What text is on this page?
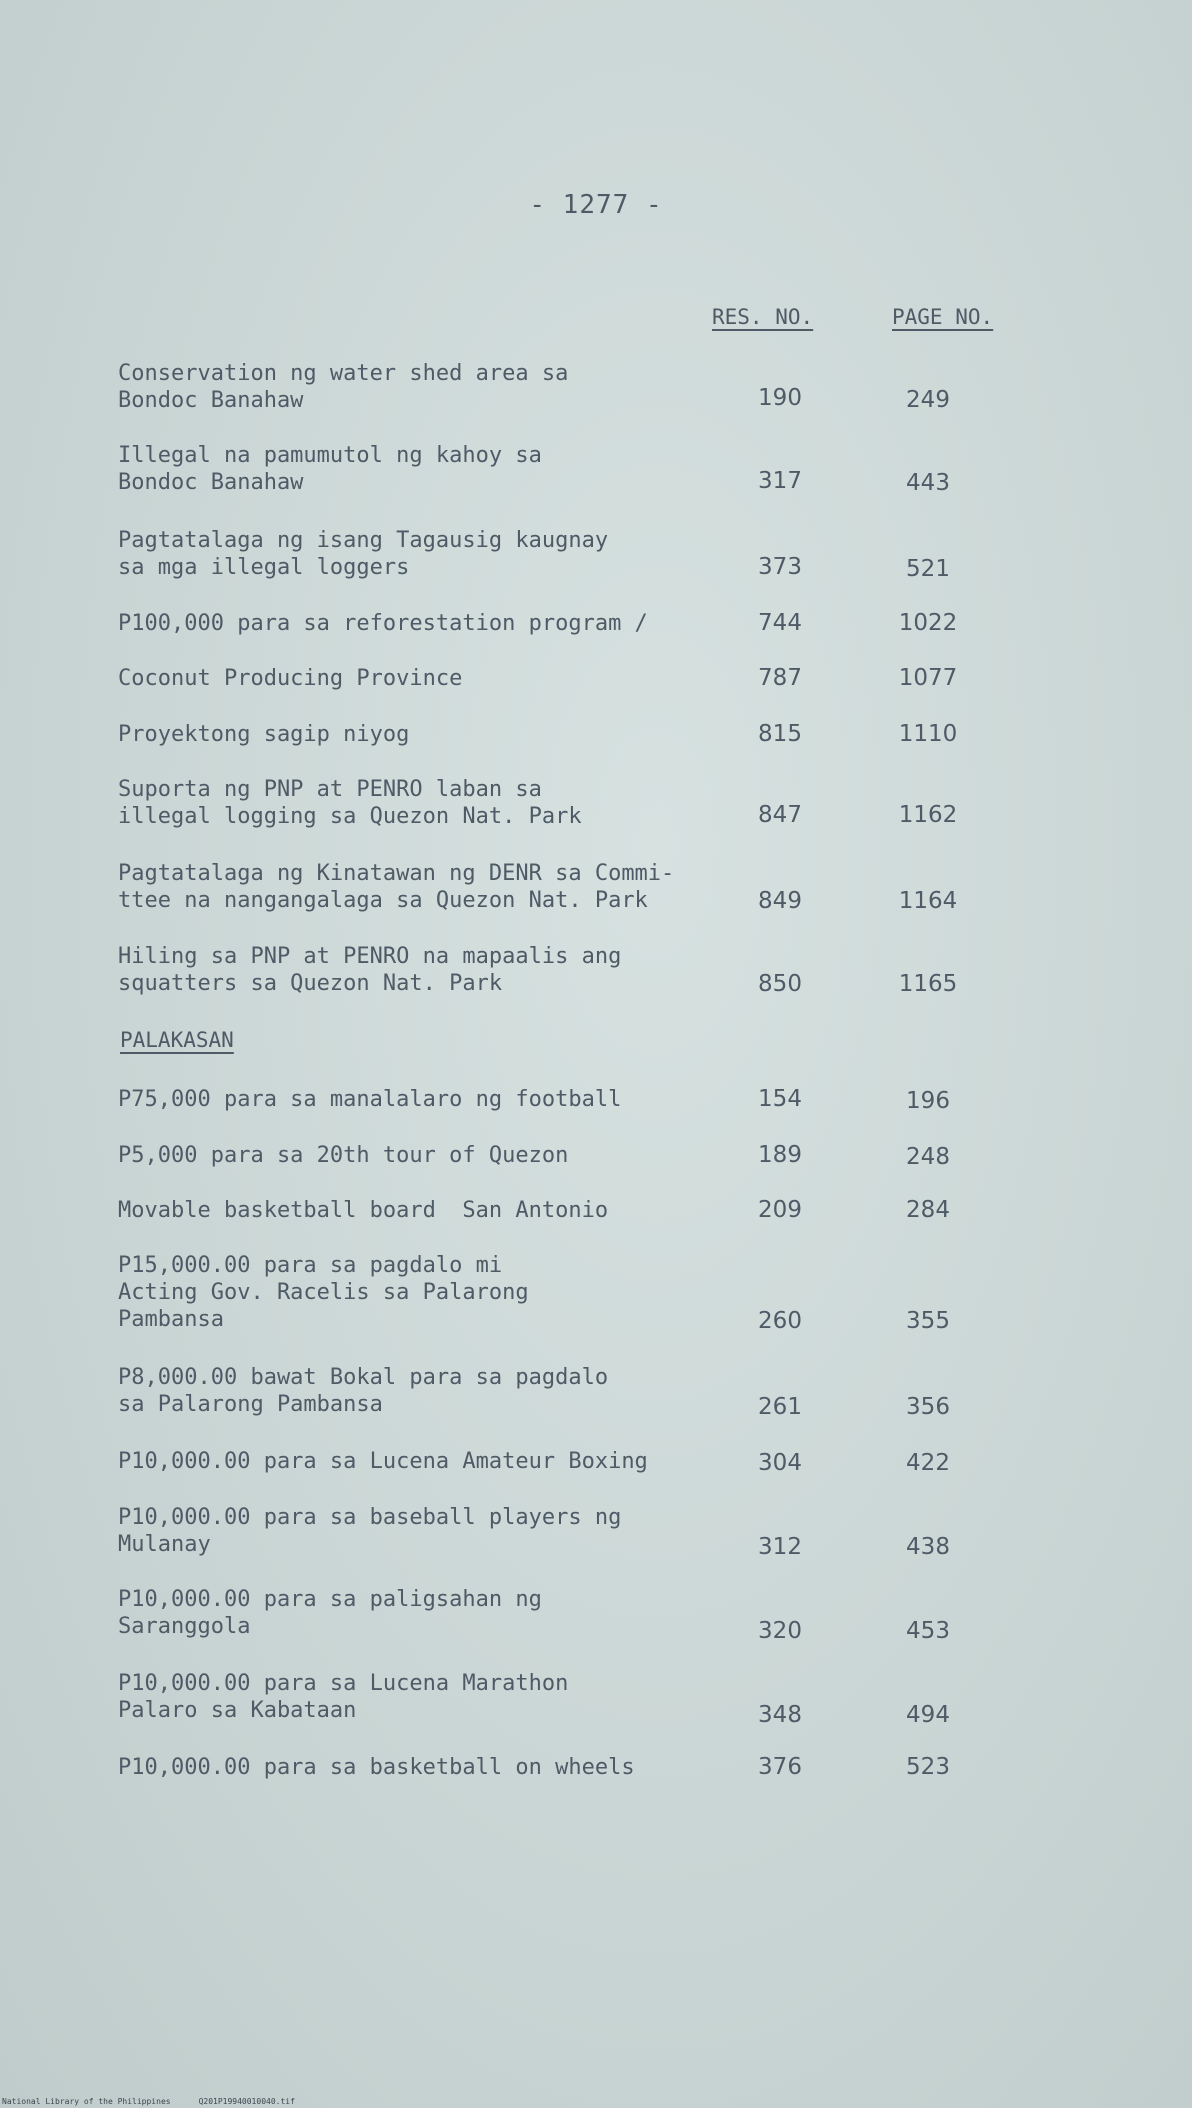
- 1277 -
RES. NO.	PAGE NO.
Conservation ng water shed area sa
Bondoc Banahaw	190	249
Illegal na pamumutol ng kahoy sa
Bondoc Banahaw	317	443
Pagtatalaga ng isang Tagausig kaugnay
sa mga illegal loggers	373	521
P100,000 para sa reforestation program /	744	1022
Coconut Producing Province	787	1077
Proyektong sagip niyog	815	1110
Suporta ng PNP at PENRO laban sa
illegal logging sa Quezon Nat. Park	847	1162
Pagtatalaga ng Kinatawan ng DENR sa Commi-
ttee na nangangalaga sa Quezon Nat. Park	849	1164
Hiling sa PNP at PENRO na mapaalis ang
squatters sa Quezon Nat. Park	850	1165
PALAKASAN
P75,000 para sa manalalaro ng football	154	196
P5,000 para sa 20th tour of Quezon	189	248
Movable basketball board  San Antonio	209	284
P15,000.00 para sa pagdalo mi
Acting Gov. Racelis sa Palarong
Pambansa	260	355
P8,000.00 bawat Bokal para sa pagdalo
sa Palarong Pambansa	261	356
P10,000.00 para sa Lucena Amateur Boxing	304	422
P10,000.00 para sa baseball players ng
Mulanay	312	438
P10,000.00 para sa paligsahan ng
Saranggola	320	453
P10,000.00 para sa Lucena Marathon
Palaro sa Kabataan	348	494
P10,000.00 para sa basketball on wheels	376	523
National Library of the Philippines	Q201P19940010040.tif
